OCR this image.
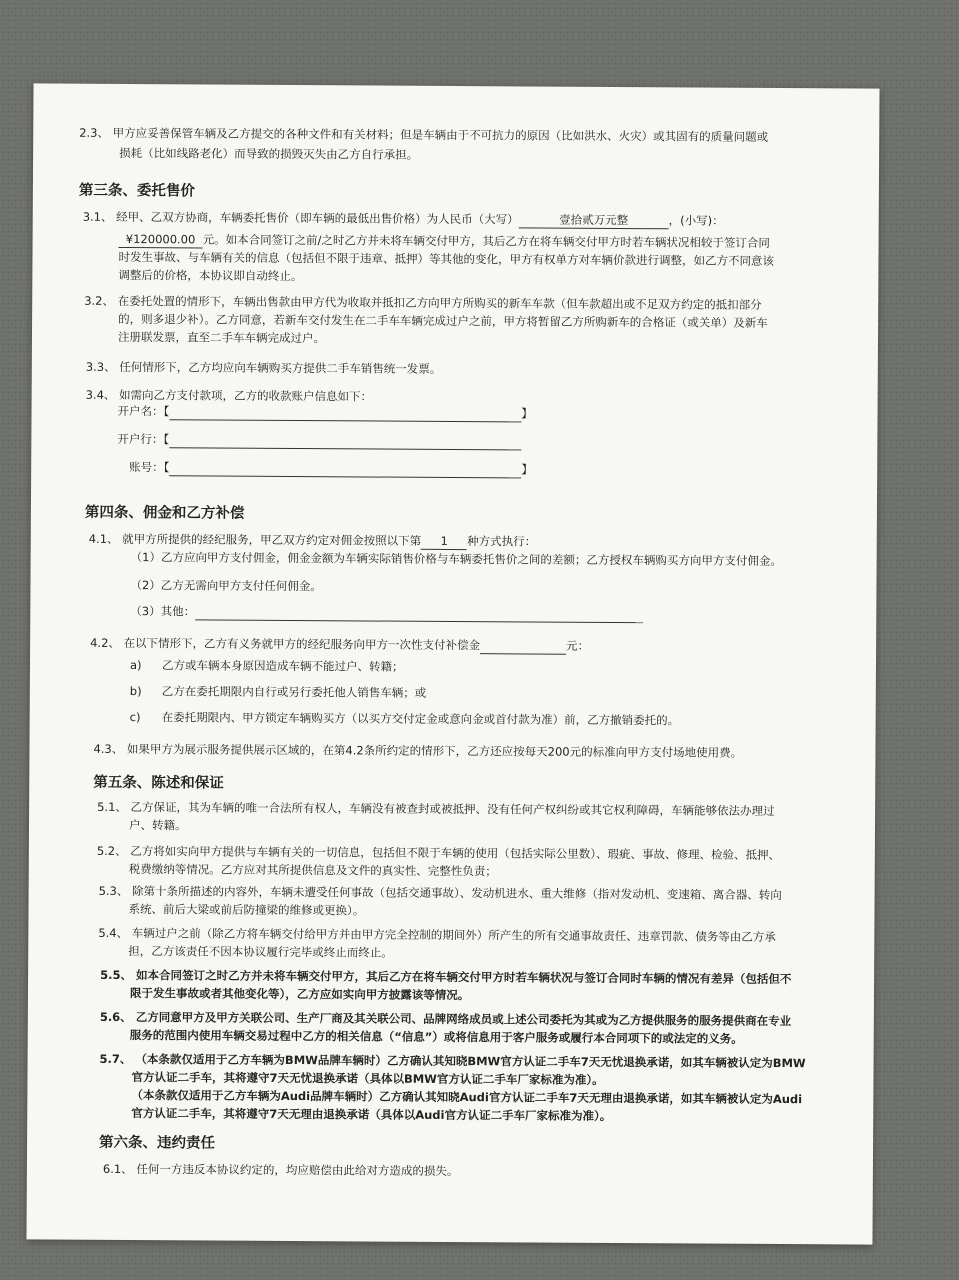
2.3、 甲方应妥善保管车辆及乙方提交的各种文件和有关材料；但是车辆由于不可抗力的原因（比如洪水、火灾）或其固有的质量问题或
损耗（比如线路老化）而导致的损毁灭失由乙方自行承担。
第三条、委托售价
3.1、 经甲、乙双方协商，车辆委托售价（即车辆的最低出售价格）为人民币（大写）	壹拾贰万元整	，(小写)：
¥120000.00 元。如本合同签订之前/之时乙方并未将车辆交付甲方，其后乙方在将车辆交付甲方时若车辆状况相较于签订合同
时发生事故、与车辆有关的信息（包括但不限于违章、抵押）等其他的变化，甲方有权单方对车辆价款进行调整，如乙方不同意该
调整后的价格，本协议即自动终止。
3.2、 在委托处置的情形下，车辆出售款由甲方代为收取并抵扣乙方向甲方所购买的新车车款（但车款超出或不足双方约定的抵扣部分
的，则多退少补）。乙方同意，若新车交付发生在二手车车辆完成过户之前，甲方将暂留乙方所购新车的合格证（或关单）及新车
注册联发票，直至二手车车辆完成过户。
3.3、 任何情形下，乙方均应向车辆购买方提供二手车销售统一发票。
3.4、 如需向乙方支付款项，乙方的收款账户信息如下：
开户名：【	】
开户行：【
账号：【	】
第四条、佣金和乙方补偿
4.1、 就甲方所提供的经纪服务，甲乙双方约定对佣金按照以下第 1 种方式执行：
（1）乙方应向甲方支付佣金，佣金金额为车辆实际销售价格与车辆委托售价之间的差额；乙方授权车辆购买方向甲方支付佣金。
（2）乙方无需向甲方支付任何佣金。
（3）其他：
4.2、 在以下情形下，乙方有义务就甲方的经纪服务向甲方一次性支付补偿金	元：
a) 乙方或车辆本身原因造成车辆不能过户、转籍；
b) 乙方在委托期限内自行或另行委托他人销售车辆；或
c) 在委托期限内、甲方锁定车辆购买方（以买方交付定金或意向金或首付款为准）前，乙方撤销委托的。
4.3、 如果甲方为展示服务提供展示区域的，在第4.2条所约定的情形下，乙方还应按每天200元的标准向甲方支付场地使用费。
第五条、陈述和保证
5.1、 乙方保证，其为车辆的唯一合法所有权人，车辆没有被查封或被抵押、没有任何产权纠纷或其它权利障碍，车辆能够依法办理过
户、转籍。
5.2、 乙方将如实向甲方提供与车辆有关的一切信息，包括但不限于车辆的使用（包括实际公里数）、瑕疵、事故、修理、检验、抵押、
税费缴纳等情况。乙方应对其所提供信息及文件的真实性、完整性负责；
5.3、 除第十条所描述的内容外，车辆未遭受任何事故（包括交通事故）、发动机进水、重大维修（指对发动机、变速箱、离合器、转向
系统、前后大梁或前后防撞梁的维修或更换）。
5.4、 车辆过户之前（除乙方将车辆交付给甲方并由甲方完全控制的期间外）所产生的所有交通事故责任、违章罚款、债务等由乙方承
担，乙方该责任不因本协议履行完毕或终止而终止。
5.5、 如本合同签订之时乙方并未将车辆交付甲方，其后乙方在将车辆交付甲方时若车辆状况与签订合同时车辆的情况有差异（包括但不
限于发生事故或者其他变化等），乙方应如实向甲方披露该等情况。
5.6、 乙方同意甲方及甲方关联公司、生产厂商及其关联公司、品牌网络成员或上述公司委托为其或为乙方提供服务的服务提供商在专业
服务的范围内使用车辆交易过程中乙方的相关信息（“信息”）或将信息用于客户服务或履行本合同项下的或法定的义务。
5.7、 （本条款仅适用于乙方车辆为BMW品牌车辆时）乙方确认其知晓BMW官方认证二手车7天无忧退换承诺，如其车辆被认定为BMW
官方认证二手车，其将遵守7天无忧退换承诺（具体以BMW官方认证二手车厂家标准为准）。
（本条款仅适用于乙方车辆为Audi品牌车辆时）乙方确认其知晓Audi官方认证二手车7天无理由退换承诺，如其车辆被认定为Audi
官方认证二手车，其将遵守7天无理由退换承诺（具体以Audi官方认证二手车厂家标准为准）。
第六条、违约责任
6.1、 任何一方违反本协议约定的，均应赔偿由此给对方造成的损失。
